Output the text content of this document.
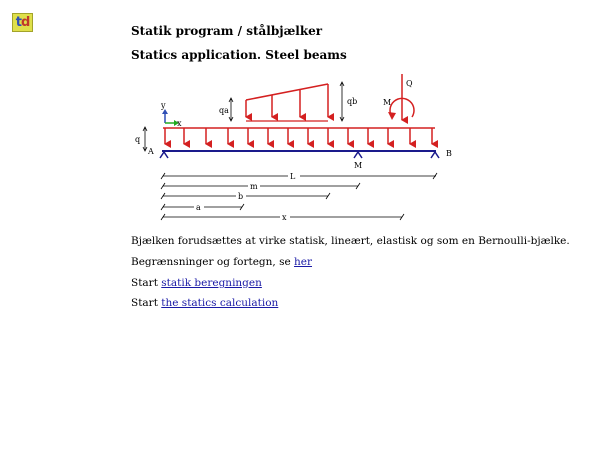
td
Statik program / stålbjælker
Statics application. Steel beams
y
x
q
qa
qb
Q
M
A	B
M
L
m
b
a
x
Bjælken forudsættes at virke statisk, lineært, elastisk og som en Bernoulli-bjælke.
Begrænsninger og fortegn, se her
Start statik beregningen
Start the statics calculation
